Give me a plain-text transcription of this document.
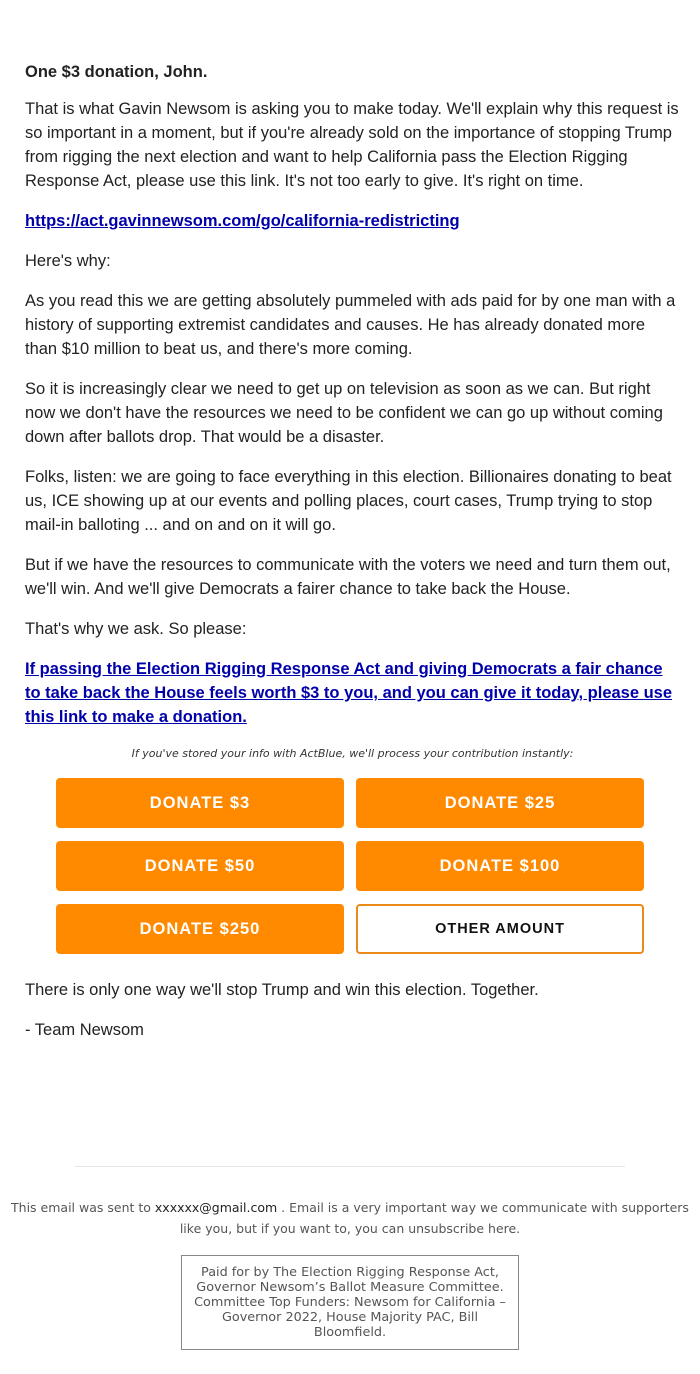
One $3 donation, John.

That is what Gavin Newsom is asking you to make today. We'll explain why this request is so important in a moment, but if you're already sold on the importance of stopping Trump from rigging the next election and want to help California pass the Election Rigging Response Act, please use this link. It's not too early to give. It's right on time.

https://act.gavinnewsom.com/go/california-redistricting

Here's why:

As you read this we are getting absolutely pummeled with ads paid for by one man with a history of supporting extremist candidates and causes. He has already donated more than $10 million to beat us, and there's more coming.

So it is increasingly clear we need to get up on television as soon as we can. But right now we don't have the resources we need to be confident we can go up without coming down after ballots drop. That would be a disaster.

Folks, listen: we are going to face everything in this election. Billionaires donating to beat us, ICE showing up at our events and polling places, court cases, Trump trying to stop mail-in balloting ... and on and on it will go.

But if we have the resources to communicate with the voters we need and turn them out, we'll win. And we'll give Democrats a fairer chance to take back the House.

That's why we ask. So please:

If passing the Election Rigging Response Act and giving Democrats a fair chance to take back the House feels worth $3 to you, and you can give it today, please use this link to make a donation.
If you've stored your info with ActBlue, we'll process your contribution instantly:
DONATE $3	DONATE $25
DONATE $50	DONATE $100
DONATE $250	OTHER AMOUNT

There is only one way we'll stop Trump and win this election. Together.

- Team Newsom

This email was sent to xxxxxx@gmail.com . Email is a very important way we communicate with supporters like you, but if you want to, you can unsubscribe here.
Paid for by The Election Rigging Response Act, Governor Newsom’s Ballot Measure Committee. Committee Top Funders: Newsom for California – Governor 2022, House Majority PAC, Bill Bloomfield.
